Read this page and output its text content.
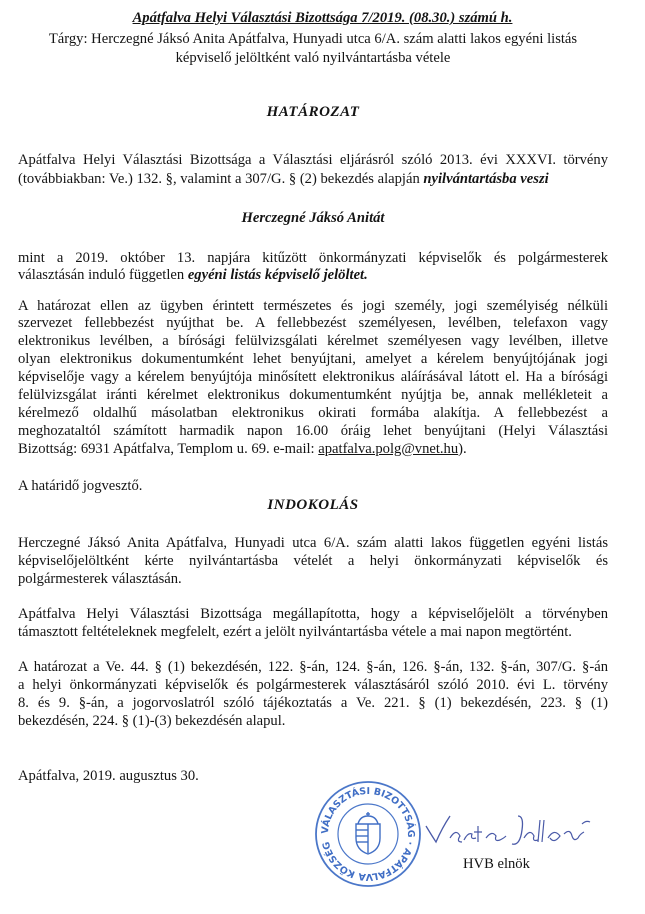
Apátfalva Helyi Választási Bizottsága 7/2019. (08.30.) számú h.
Tárgy: Herczegné Jáksó Anita Apátfalva, Hunyadi utca 6/A. szám alatti lakos egyéni listás
képviselő jelöltként való nyilvántartásba vétele
HATÁROZAT
Apátfalva Helyi Választási Bizottsága a Választási eljárásról szóló 2013. évi XXXVI. törvény
(továbbiakban: Ve.) 132. §, valamint a 307/G. § (2) bekezdés alapján nyilvántartásba veszi
Herczegné Jáksó Anitát
mint a 2019. október 13. napjára kitűzött önkormányzati képviselők és polgármesterek
választásán induló független egyéni listás képviselő jelöltet.
A határozat ellen az ügyben érintett természetes és jogi személy, jogi személyiség nélküli
szervezet fellebbezést nyújthat be. A fellebbezést személyesen, levélben, telefaxon vagy
elektronikus levélben, a bírósági felülvizsgálati kérelmet személyesen vagy levélben, illetve
olyan elektronikus dokumentumként lehet benyújtani, amelyet a kérelem benyújtójának jogi
képviselője vagy a kérelem benyújtója minősített elektronikus aláírásával látott el. Ha a bírósági
felülvizsgálat iránti kérelmet elektronikus dokumentumként nyújtja be, annak mellékleteit a
kérelmező oldalhű másolatban elektronikus okirati formába alakítja. A fellebbezést a
meghozataltól számított harmadik napon 16.00 óráig lehet benyújtani (Helyi Választási
Bizottság: 6931 Apátfalva, Templom u. 69. e-mail: apatfalva.polg@vnet.hu).
A határidő jogvesztő.
INDOKOLÁS
Herczegné Jáksó Anita Apátfalva, Hunyadi utca 6/A. szám alatti lakos független egyéni listás
képviselőjelöltként kérte nyilvántartásba vételét a helyi önkormányzati képviselők és
polgármesterek választásán.
Apátfalva Helyi Választási Bizottsága megállapította, hogy a képviselőjelölt a törvényben
támasztott feltételeknek megfelelt, ezért a jelölt nyilvántartásba vétele a mai napon megtörtént.
A határozat a Ve. 44. § (1) bekezdésén, 122. §-án, 124. §-án, 126. §-án, 132. §-án, 307/G. §-án
a helyi önkormányzati képviselők és polgármesterek választásáról szóló 2010. évi L. törvény
8. és 9. §-án, a jogorvoslatról szóló tájékoztatás a Ve. 221. § (1) bekezdésén, 223. § (1)
bekezdésén, 224. § (1)-(3) bekezdésén alapul.
Apátfalva, 2019. augusztus 30.
VÁLASZTÁSI BIZOTTSÁG · APÁTFALVA KÖZSÉG
HVB elnök
